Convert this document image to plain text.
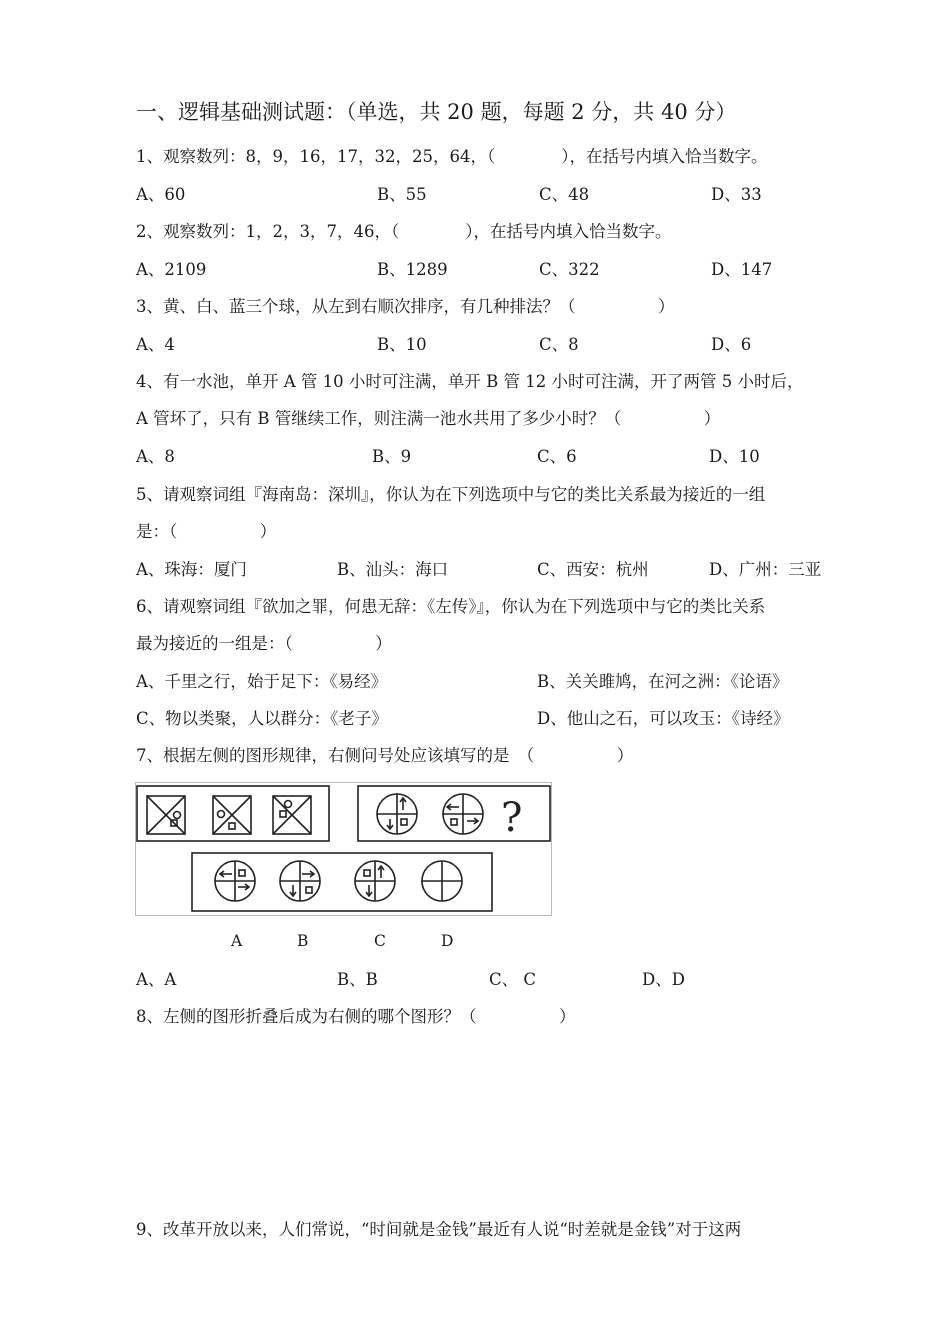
一、逻辑基础测试题：（单选，共 20 题，每题 2 分，共 40 分）
1、观察数列：8，9，16，17，32，25，64，（　　　　），在括号内填入恰当数字。
A、60	B、55	C、48	D、33
2、观察数列：1，2，3，7，46，（　　　　），在括号内填入恰当数字。
A、2109	B、1289	C、322	D、147
3、黄、白、蓝三个球，从左到右顺次排序，有几种排法？（　　　　　）
A、4	B、10	C、8	D、6
4、有一水池，单开 A 管 10 小时可注满，单开 B 管 12 小时可注满，开了两管 5 小时后，
A 管坏了，只有 B 管继续工作，则注满一池水共用了多少小时？（　　　　　）
A、8	B、9	C、6	D、10
5、请观察词组『海南岛：深圳』，你认为在下列选项中与它的类比关系最为接近的一组
是：（　　　　　）
A、珠海：厦门	B、汕头：海口	C、西安：杭州	D、广州：三亚
6、请观察词组『欲加之罪，何患无辞：《左传》』，你认为在下列选项中与它的类比关系
最为接近的一组是：（　　　　　）
A、千里之行，始于足下：《易经》	B、关关雎鸠，在河之洲：《论语》
C、物以类聚，人以群分：《老子》	D、他山之石，可以攻玉：《诗经》
7、根据左侧的图形规律，右侧问号处应该填写的是　（　　　　　）
?
A	B	C	D
A、A	B、B	C、 C	D、D
8、左侧的图形折叠后成为右侧的哪个图形？（　　　　　）
9、改革开放以来，人们常说，“时间就是金钱”最近有人说“时差就是金钱”对于这两
